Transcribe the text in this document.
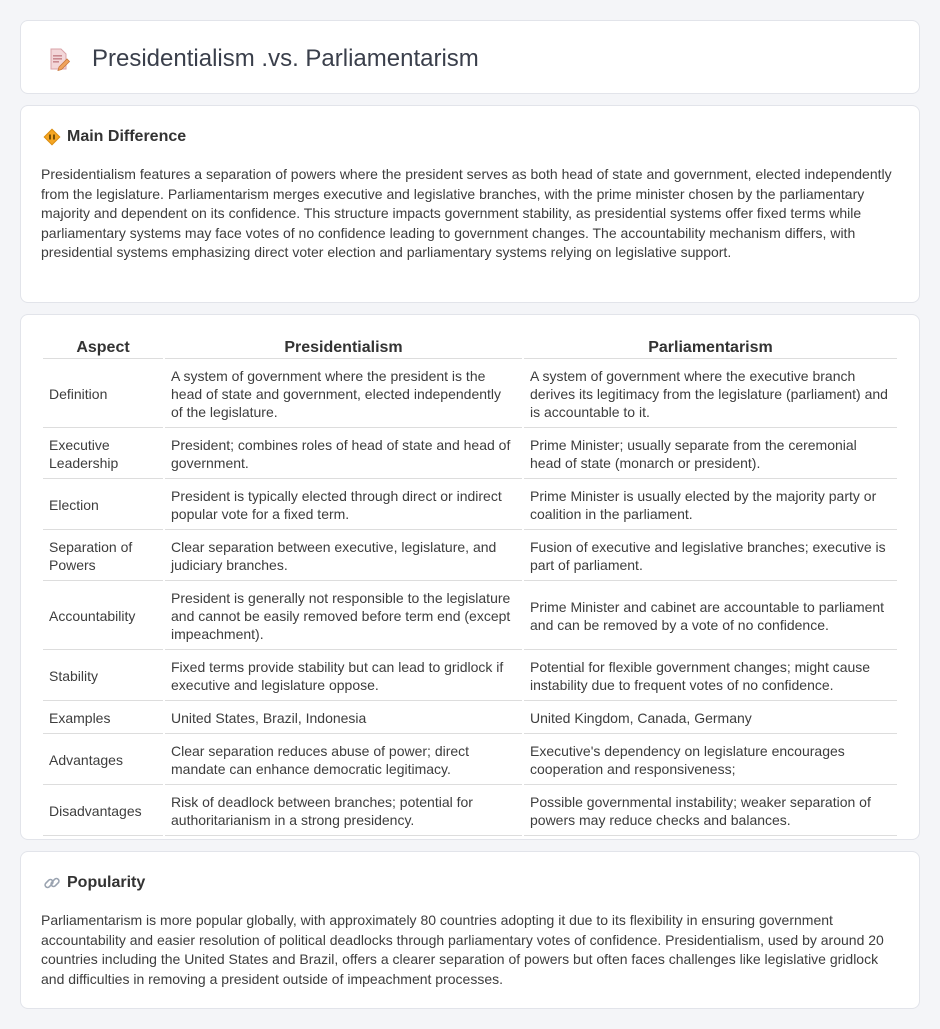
Presidentialism .vs. Parliamentarism
Main Difference

Presidentialism features a separation of powers where the president serves as both head of state and government, elected independently from the legislature. Parliamentarism merges executive and legislative branches, with the prime minister chosen by the parliamentary majority and dependent on its confidence. This structure impacts government stability, as presidential systems offer fixed terms while parliamentary systems may face votes of no confidence leading to government changes. The accountability mechanism differs, with presidential systems emphasizing direct voter election and parliamentary systems relying on legislative support.

Aspect	Presidentialism	Parliamentarism
Definition	A system of government where the president is the head of state and government, elected independently of the legislature.	A system of government where the executive branch derives its legitimacy from the legislature (parliament) and is accountable to it.
Executive Leadership	President; combines roles of head of state and head of government.	Prime Minister; usually separate from the ceremonial head of state (monarch or president).
Election	President is typically elected through direct or indirect popular vote for a fixed term.	Prime Minister is usually elected by the majority party or coalition in the parliament.
Separation of Powers	Clear separation between executive, legislature, and judiciary branches.	Fusion of executive and legislative branches; executive is part of parliament.
Accountability	President is generally not responsible to the legislature and cannot be easily removed before term end (except impeachment).	Prime Minister and cabinet are accountable to parliament and can be removed by a vote of no confidence.
Stability	Fixed terms provide stability but can lead to gridlock if executive and legislature oppose.	Potential for flexible government changes; might cause instability due to frequent votes of no confidence.
Examples	United States, Brazil, Indonesia	United Kingdom, Canada, Germany
Advantages	Clear separation reduces abuse of power; direct mandate can enhance democratic legitimacy.	Executive's dependency on legislature encourages cooperation and responsiveness;
Disadvantages	Risk of deadlock between branches; potential for authoritarianism in a strong presidency.	Possible governmental instability; weaker separation of powers may reduce checks and balances.
Popularity

Parliamentarism is more popular globally, with approximately 80 countries adopting it due to its flexibility in ensuring government accountability and easier resolution of political deadlocks through parliamentary votes of confidence. Presidentialism, used by around 20 countries including the United States and Brazil, offers a clearer separation of powers but often faces challenges like legislative gridlock and difficulties in removing a president outside of impeachment processes.
